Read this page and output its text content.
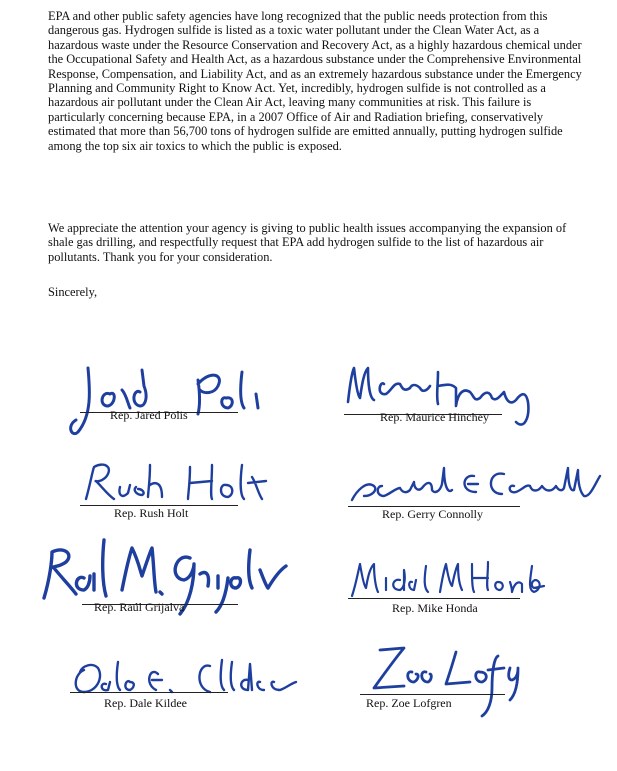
EPA and other public safety agencies have long recognized that the public needs protection from this dangerous gas. Hydrogen sulfide is listed as a toxic water pollutant under the Clean Water Act, as a hazardous waste under the Resource Conservation and Recovery Act, as a highly hazardous chemical under the Occupational Safety and Health Act, as a hazardous substance under the Comprehensive Environmental Response, Compensation, and Liability Act, and as an extremely hazardous substance under the Emergency Planning and Community Right to Know Act. Yet, incredibly, hydrogen sulfide is not controlled as a hazardous air pollutant under the Clean Air Act, leaving many communities at risk. This failure is particularly concerning because EPA, in a 2007 Office of Air and Radiation briefing, conservatively estimated that more than 56,700 tons of hydrogen sulfide are emitted annually, putting hydrogen sulfide among the top six air toxics to which the public is exposed.

We appreciate the attention your agency is giving to public health issues accompanying the expansion of shale gas drilling, and respectfully request that EPA add hydrogen sulfide to the list of hazardous air pollutants. Thank you for your consideration.

Sincerely,
Rep. Jared Polis	Rep. Maurice Hinchey
Rep. Rush Holt	Rep. Gerry Connolly
Rep. Raúl Grijalva	Rep. Mike Honda
Rep. Dale Kildee	Rep. Zoe Lofgren
